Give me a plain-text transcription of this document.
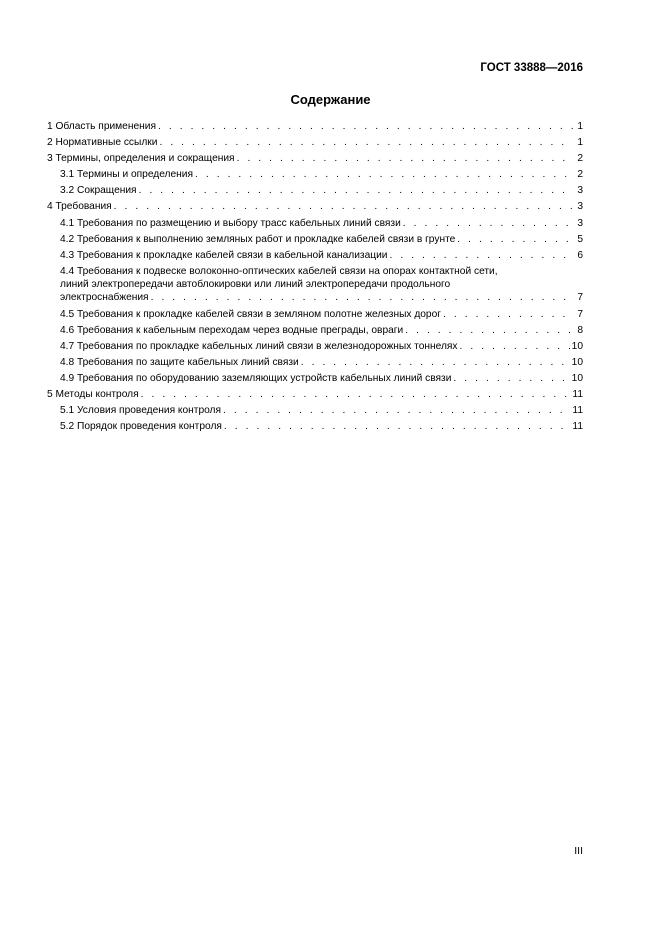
ГОСТ 33888—2016
Содержание
1 Область применения . . .	1
2 Нормативные ссылки . . .	1
3 Термины, определения и сокращения . . .	2
3.1 Термины и определения . . .	2
3.2 Сокращения . . .	3
4 Требования . . .	3
4.1 Требования по размещению и выбору трасс кабельных линий связи . . .	3
4.2 Требования к выполнению земляных работ и прокладке кабелей связи в грунте . . .	5
4.3 Требования к прокладке кабелей связи в кабельной канализации . . .	6
4.4 Требования к подвеске волоконно-оптических кабелей связи на опорах контактной сети,
линий электропередачи автоблокировки или линий электропередачи продольного
электроснабжения . . .	7
4.5 Требования к прокладке кабелей связи в земляном полотне железных дорог . . .	7
4.6 Требования к кабельным переходам через водные преграды, овраги . . .	8
4.7 Требования по прокладке кабельных линий связи в железнодорожных тоннелях . . .	10
4.8 Требования по защите кабельных линий связи . . .	10
4.9 Требования по оборудованию заземляющих устройств кабельных линий связи . . .	10
5 Методы контроля . . .	11
5.1 Условия проведения контроля . . .	11
5.2 Порядок проведения контроля . . .	11
III
